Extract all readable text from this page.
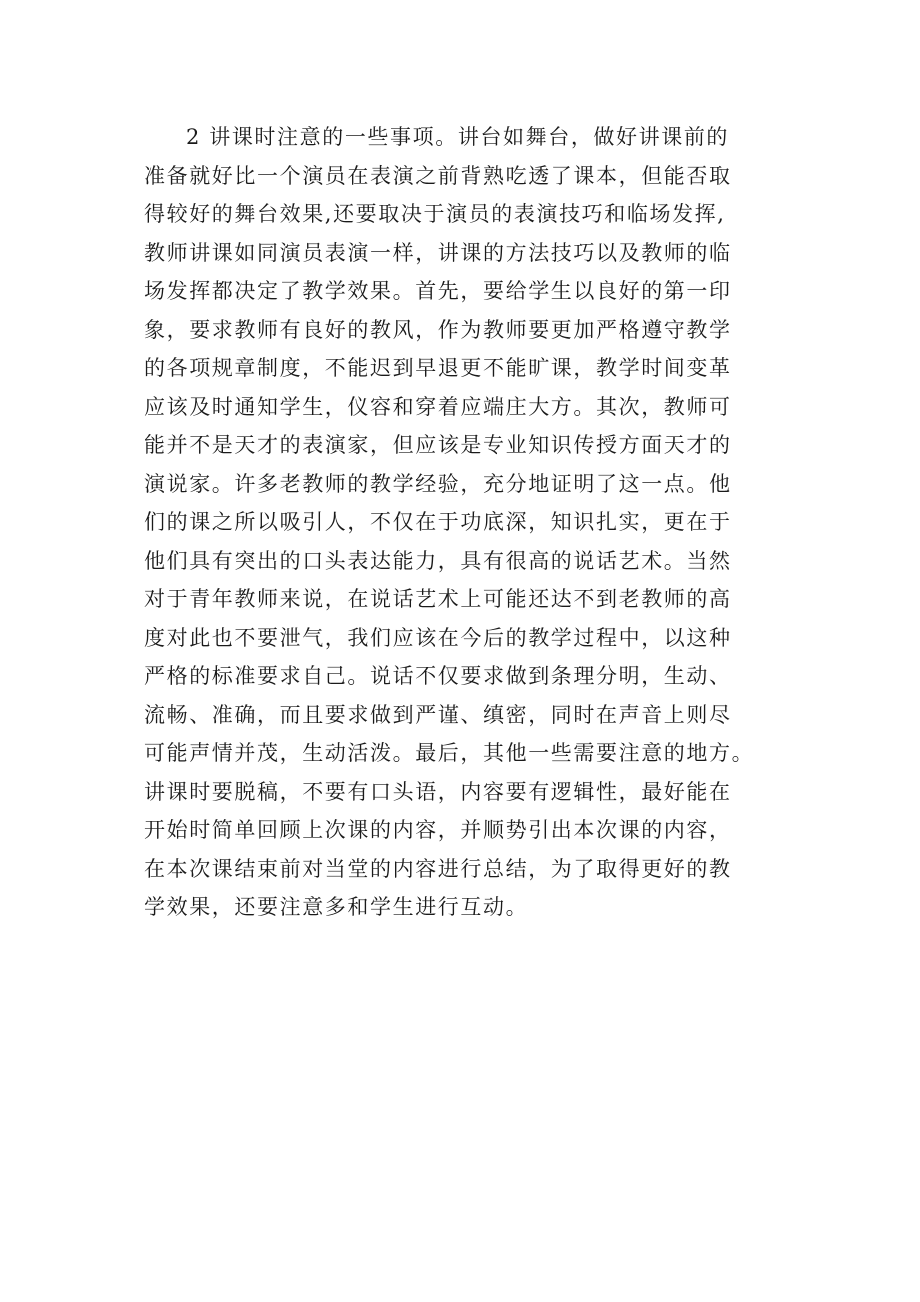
2 讲课时注意的一些事项。讲台如舞台，做好讲课前的
准备就好比一个演员在表演之前背熟吃透了课本，但能否取
得较好的舞台效果,还要取决于演员的表演技巧和临场发挥,
教师讲课如同演员表演一样，讲课的方法技巧以及教师的临
场发挥都决定了教学效果。首先，要给学生以良好的第一印
象，要求教师有良好的教风，作为教师要更加严格遵守教学
的各项规章制度，不能迟到早退更不能旷课，教学时间变革
应该及时通知学生，仪容和穿着应端庄大方。其次，教师可
能并不是天才的表演家，但应该是专业知识传授方面天才的
演说家。许多老教师的教学经验，充分地证明了这一点。他
们的课之所以吸引人，不仅在于功底深，知识扎实，更在于
他们具有突出的口头表达能力，具有很高的说话艺术。当然
对于青年教师来说，在说话艺术上可能还达不到老教师的高
度对此也不要泄气，我们应该在今后的教学过程中，以这种
严格的标准要求自己。说话不仅要求做到条理分明，生动、
流畅、准确，而且要求做到严谨、缜密，同时在声音上则尽
可能声情并茂，生动活泼。最后，其他一些需要注意的地方。
讲课时要脱稿，不要有口头语，内容要有逻辑性，最好能在
开始时简单回顾上次课的内容，并顺势引出本次课的内容，
在本次课结束前对当堂的内容进行总结，为了取得更好的教
学效果，还要注意多和学生进行互动。
